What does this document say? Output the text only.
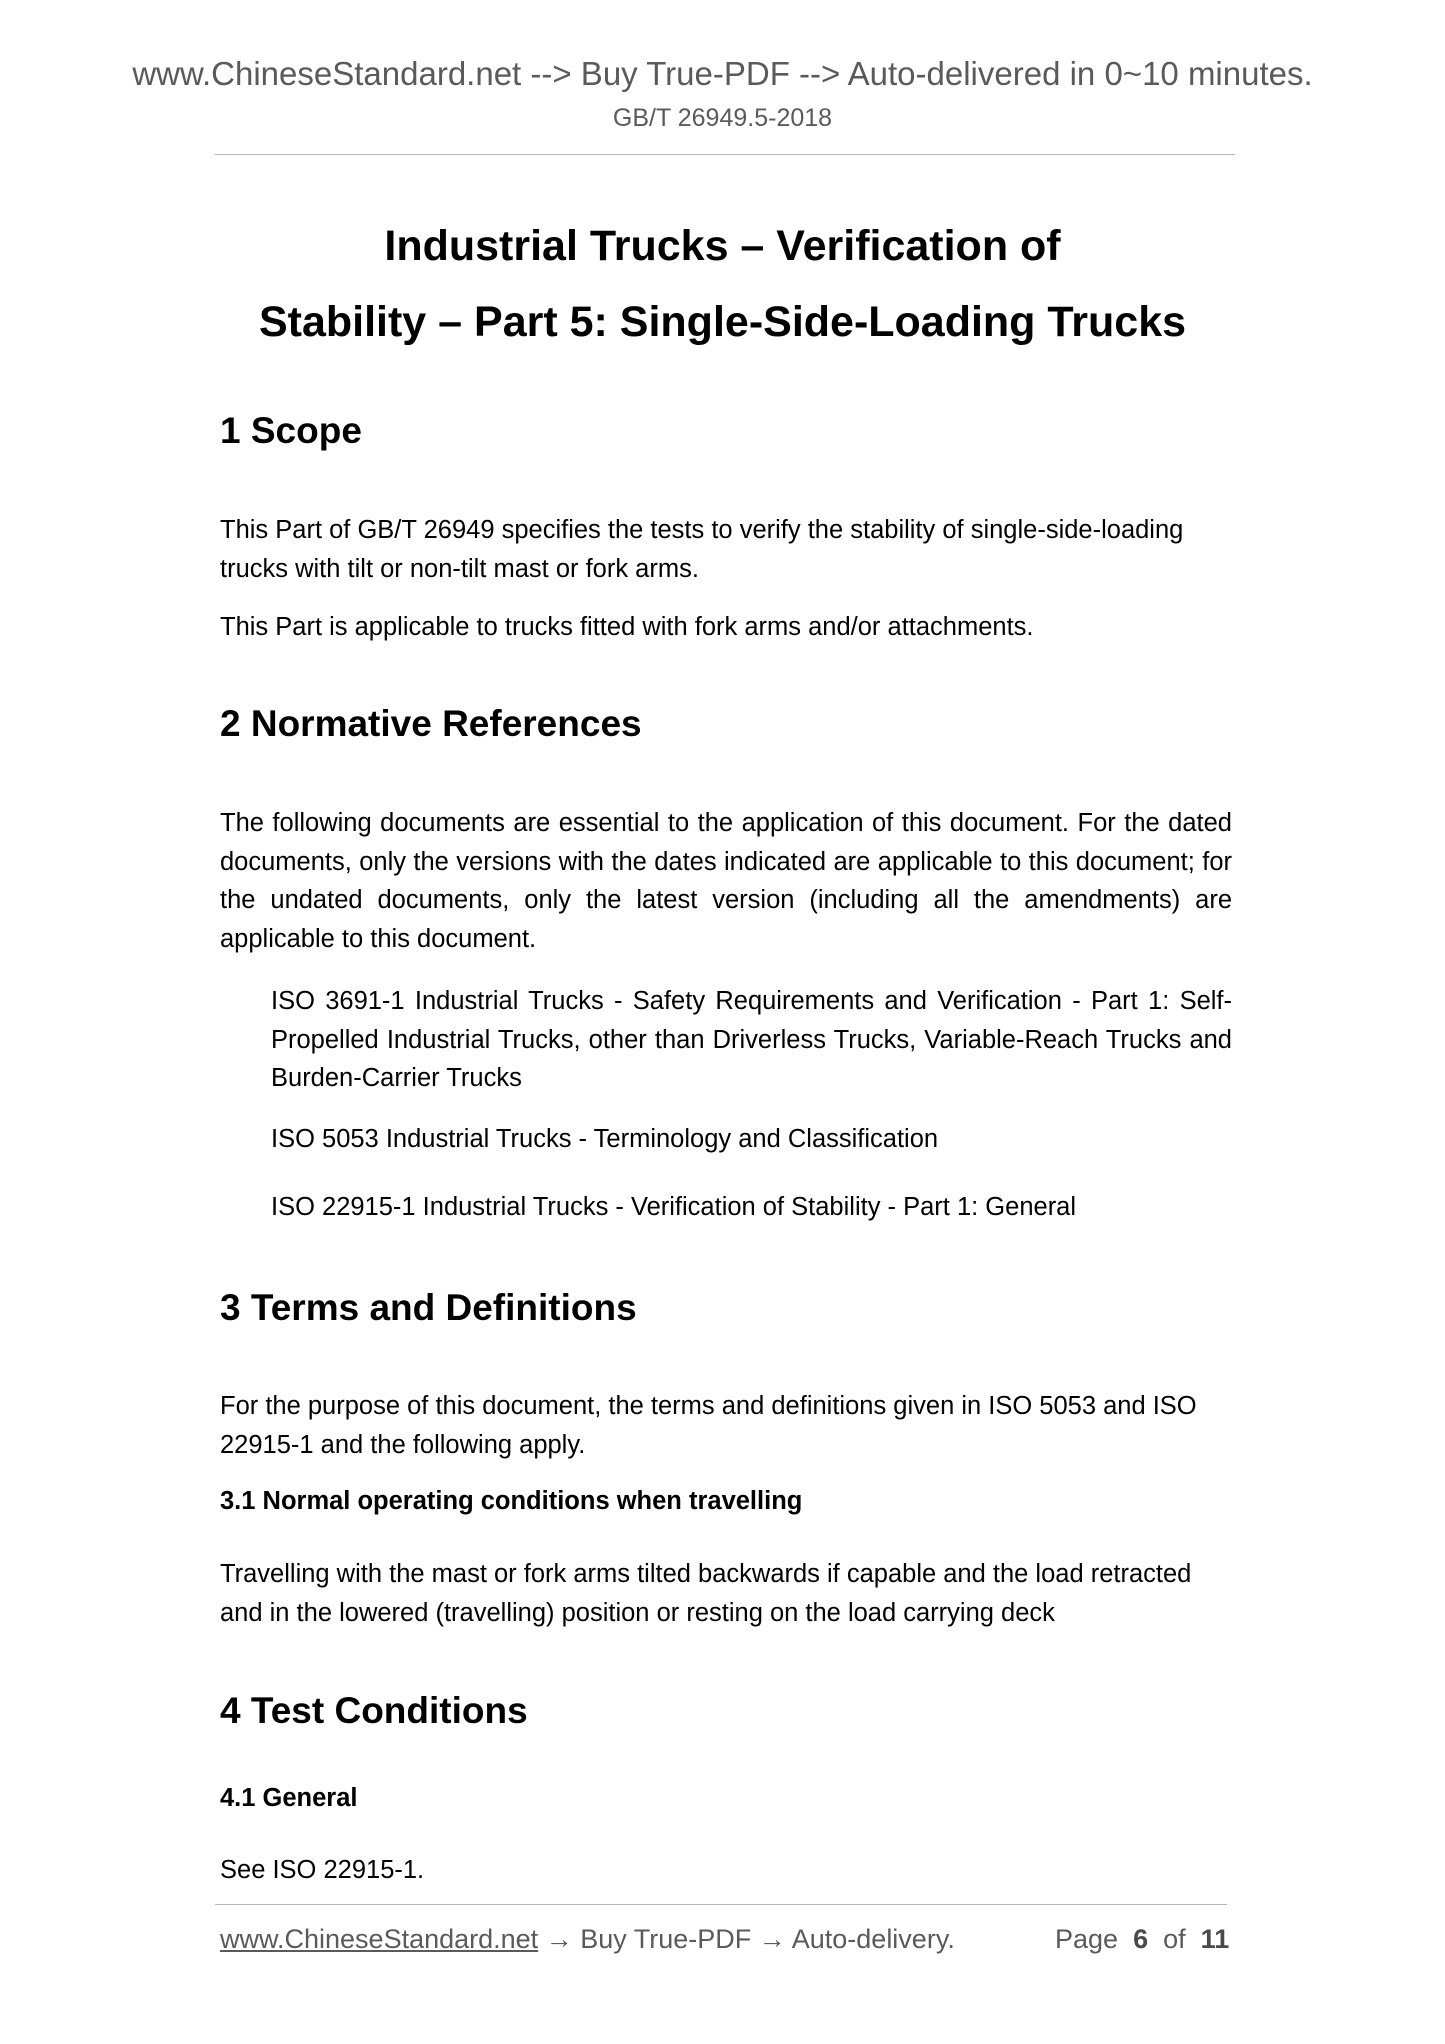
www.ChineseStandard.net --> Buy True-PDF --> Auto-delivered in 0~10 minutes.
GB/T 26949.5-2018
Industrial Trucks – Verification of
Stability – Part 5: Single-Side-Loading Trucks
1 Scope
This Part of GB/T 26949 specifies the tests to verify the stability of single-side-loading trucks with tilt or non-tilt mast or fork arms.
This Part is applicable to trucks fitted with fork arms and/or attachments.
2 Normative References
The following documents are essential to the application of this document. For the dated documents, only the versions with the dates indicated are applicable to this document; for the undated documents, only the latest version (including all the amendments) are applicable to this document.
ISO 3691-1 Industrial Trucks - Safety Requirements and Verification - Part 1: Self-Propelled Industrial Trucks, other than Driverless Trucks, Variable-Reach Trucks and Burden-Carrier Trucks
ISO 5053 Industrial Trucks - Terminology and Classification
ISO 22915-1 Industrial Trucks - Verification of Stability - Part 1: General
3 Terms and Definitions
For the purpose of this document, the terms and definitions given in ISO 5053 and ISO 22915-1 and the following apply.
3.1 Normal operating conditions when travelling
Travelling with the mast or fork arms tilted backwards if capable and the load retracted and in the lowered (travelling) position or resting on the load carrying deck
4 Test Conditions
4.1 General
See ISO 22915-1.
www.ChineseStandard.net → Buy True-PDF → Auto-delivery.	Page 6 of 11
